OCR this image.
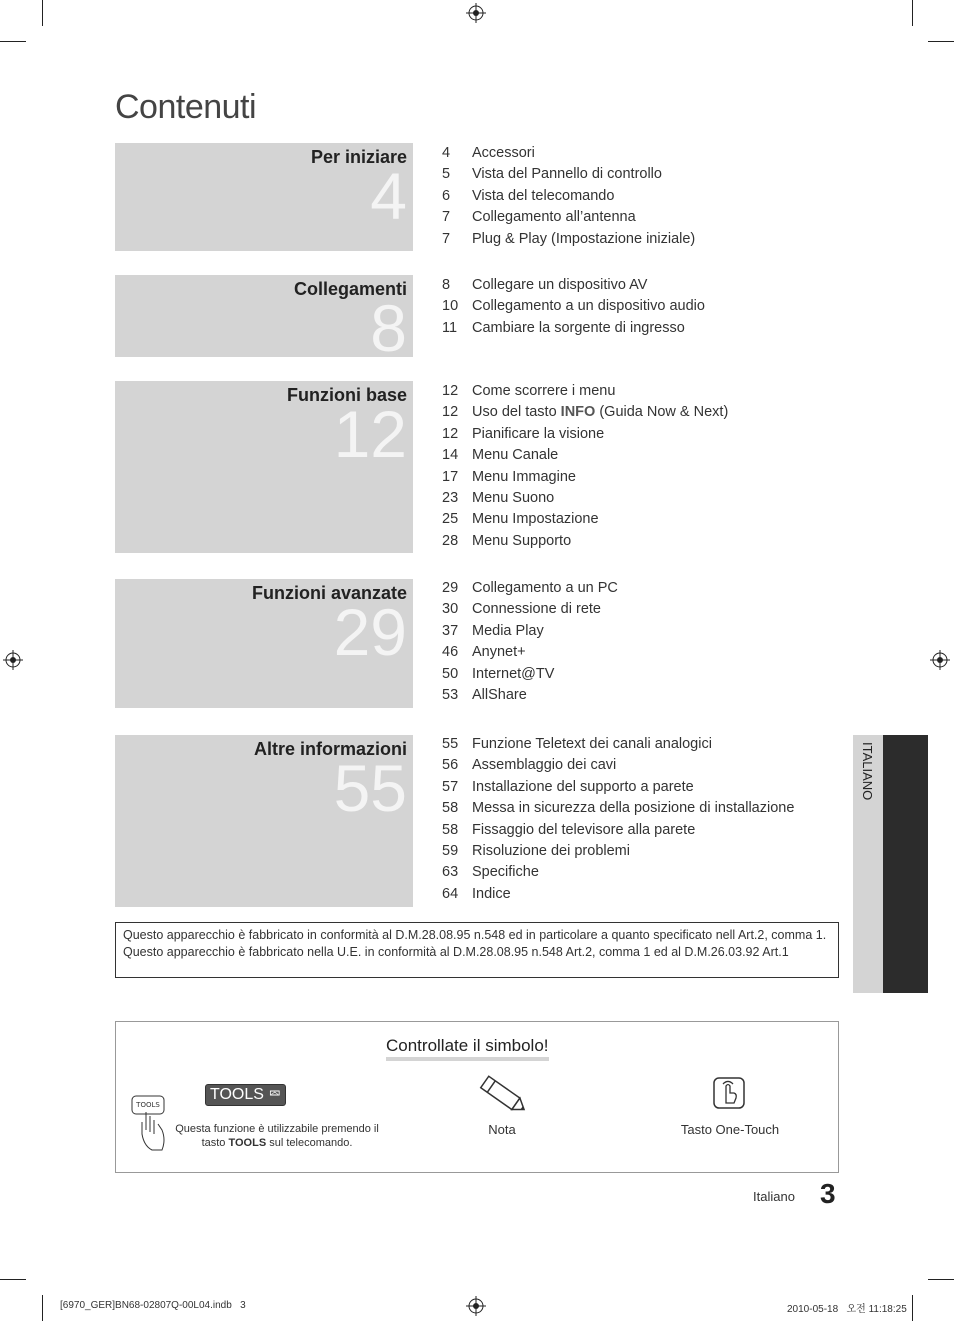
Contenuti
4
Per iniziare 4	Accessori
5	Vista del Pannello di controllo
6	Vista del telecomando
7	Collegamento all’antenna
7	Plug & Play (Impostazione iniziale)
8
Collegamenti 8	Collegare un dispositivo AV
10 Collegamento a un dispositivo audio
11	Cambiare la sorgente di ingresso
12
Funzioni base 12 Come scorrere i menu
12 Uso del tasto INFO (Guida Now & Next)
12 Pianificare la visione
14 Menu Canale
17 Menu Immagine
23 Menu Suono
25 Menu Impostazione
28 Menu Supporto
29
Funzioni avanzate 29 Collegamento a un PC
30 Connessione di rete
37 Media Play
46 Anynet+
50 Internet@TV
53 AllShare
55
Altre informazioni 55 Funzione Teletext dei canali analogici
56 Assemblaggio dei cavi
57 Installazione del supporto a parete
58 Messa in sicurezza della posizione di installazione
58 Fissaggio del televisore alla parete
59 Risoluzione dei problemi
63 Specifiche
64 Indice
ITALIANO
Questo apparecchio è fabbricato in conformità al D.M.28.08.95 n.548 ed in particolare a quanto specificato nell Art.2, comma 1. Questo apparecchio è fabbricato nella U.E. in conformità al D.M.28.08.95 n.548 Art.2, comma 1 ed al D.M.26.03.92 Art.1
Controllate il simbolo!
TOOLS
TOOLS ⮹
Questa funzione è utilizzabile premendo il tasto TOOLS sul telecomando.
Nota	Tasto One-Touch
Italiano 3
[6970_GER]BN68-02807Q-00L04.indb   3	2010-05-18   오전 11:18:25
